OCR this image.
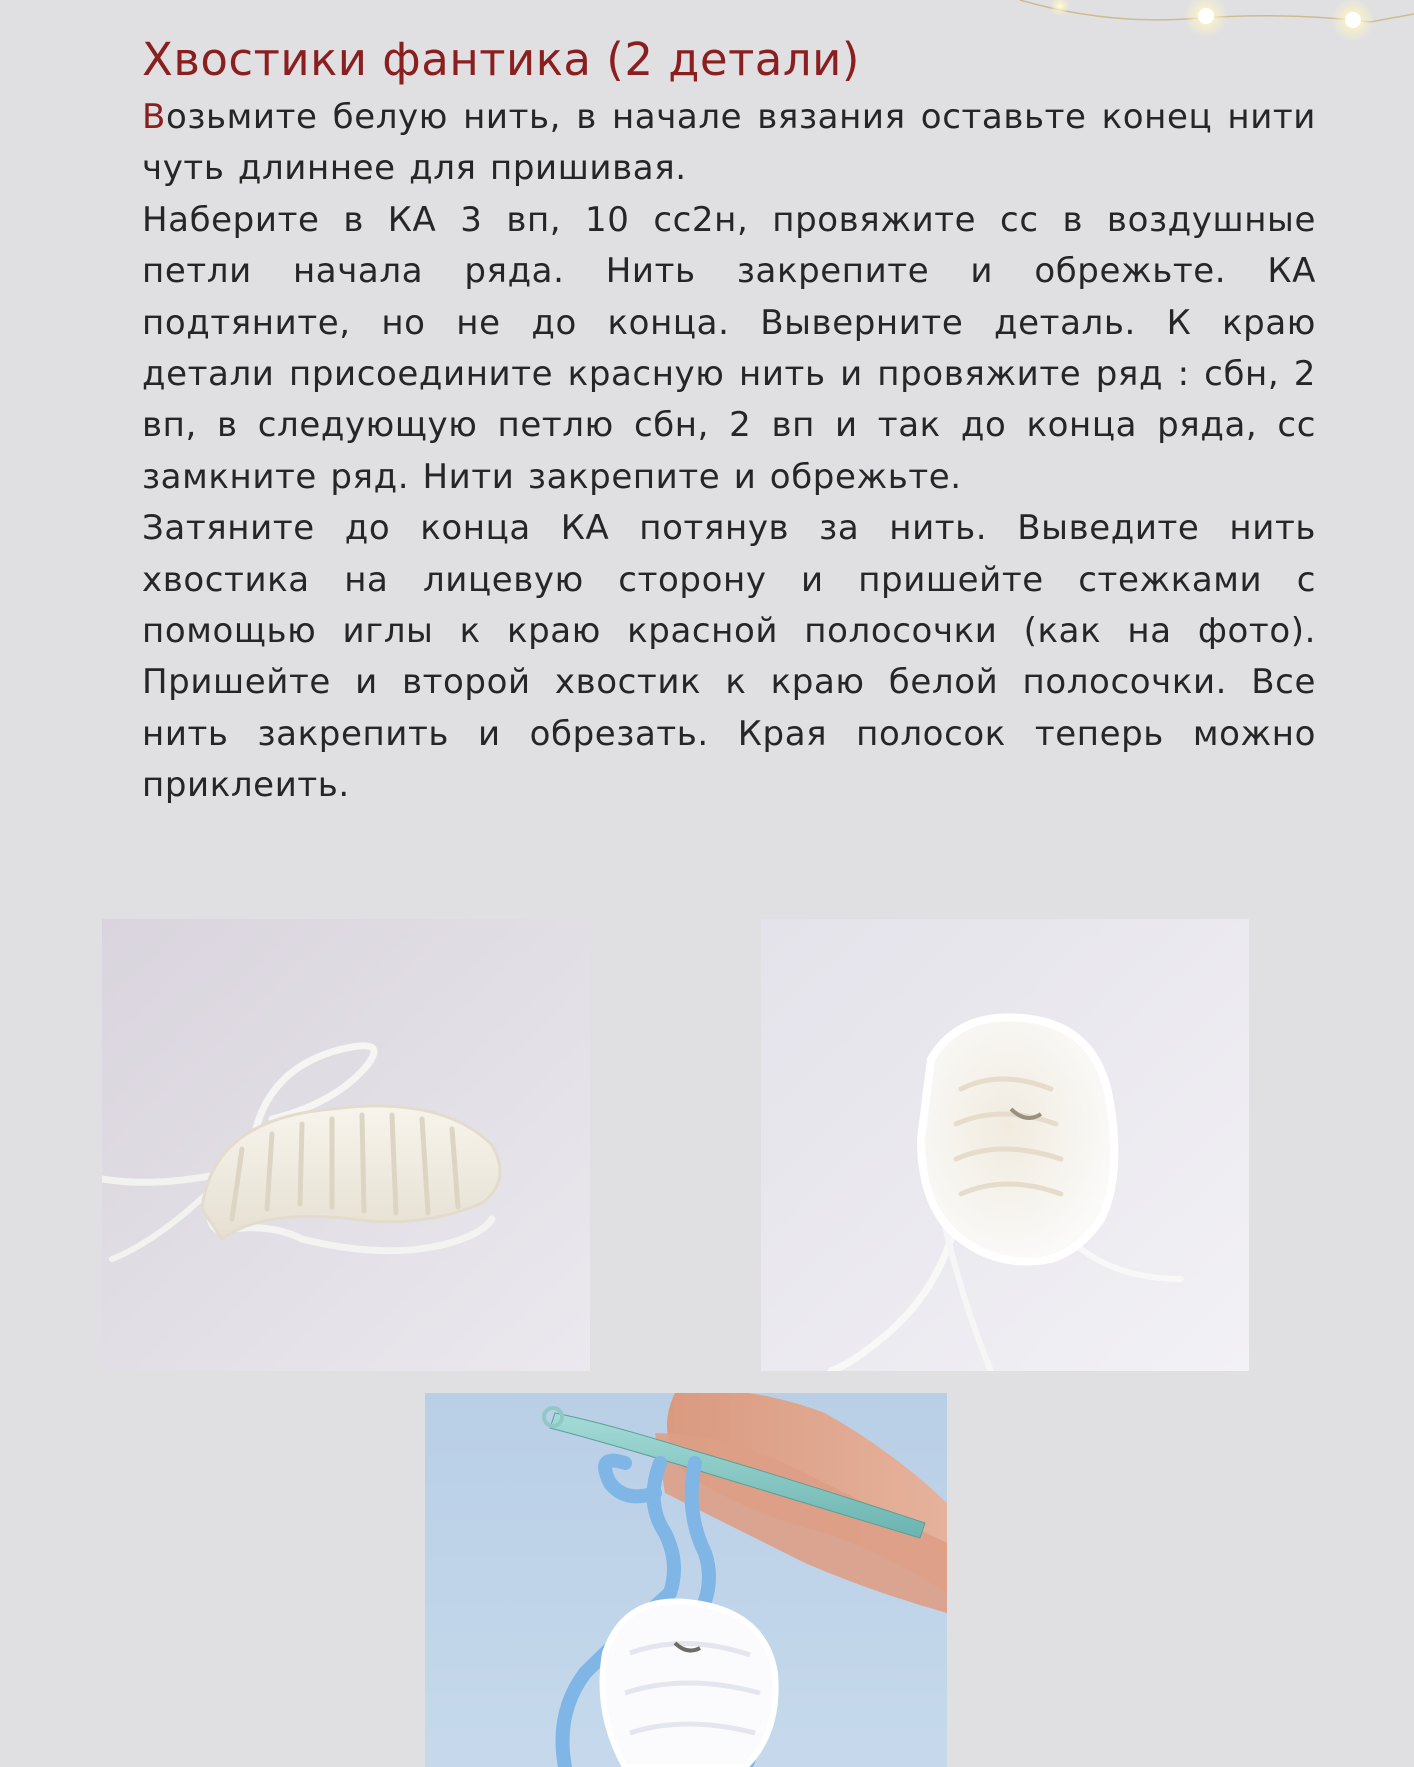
Хвостики фантика (2 детали)

Возьмите белую нить, в начале вязания оставьте конец нити чуть длиннее для пришивая.

Наберите в КА 3 вп, 10 сс2н, провяжите сс в воздушные петли начала ряда. Нить закрепите и обрежьте. КА подтяните, но не до конца. Выверните деталь. К краю детали присоедините красную нить и провяжите ряд : сбн, 2 вп, в следующую петлю сбн, 2 вп и так до конца ряда, сс замкните ряд. Нити закрепите и обрежьте.

Затяните до конца КА потянув за нить. Выведите нить хвостика на лицевую сторону и пришейте стежками с помощью иглы к краю красной полосочки (как на фото). Пришейте и второй хвостик к краю белой полосочки. Все нить закрепить и обрезать. Края полосок теперь можно приклеить.
